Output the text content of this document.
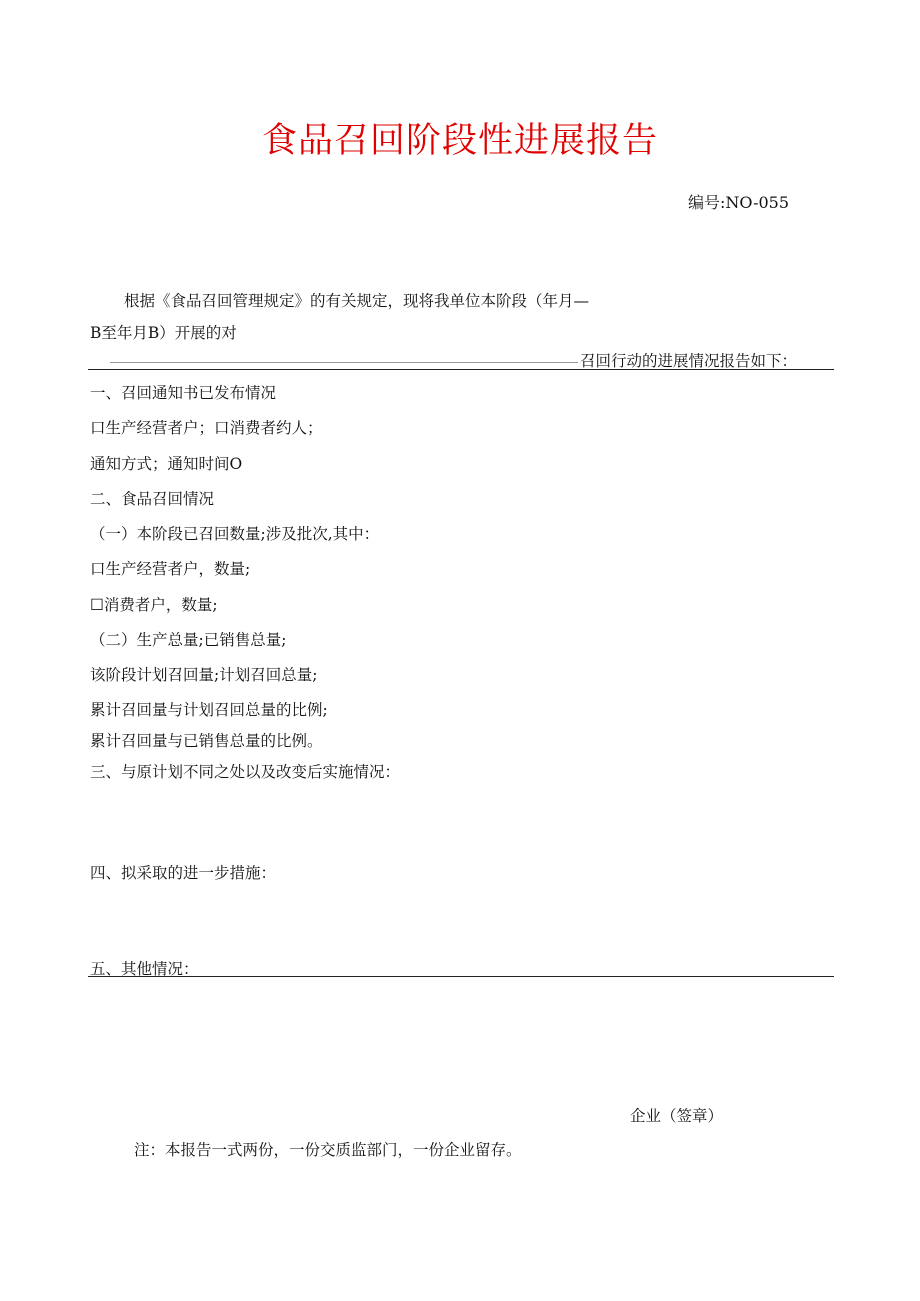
食品召回阶段性进展报告
编号:NO-055
根据《食品召回管理规定》的有关规定，现将我单位本阶段（年月—
B至年月B）开展的对
召回行动的进展情况报告如下：
一、召回通知书已发布情况
口生产经营者户；口消费者约人；
通知方式；通知时间O
二、食品召回情况
（一）本阶段已召回数量;涉及批次,其中：
口生产经营者户，数量;
☐消费者户，数量;
（二）生产总量;已销售总量;
该阶段计划召回量;计划召回总量;
累计召回量与计划召回总量的比例;
累计召回量与已销售总量的比例。
三、与原计划不同之处以及改变后实施情况：
四、拟采取的进一步措施：
五、其他情况：
企业（签章）
注：本报告一式两份，一份交质监部门，一份企业留存。
